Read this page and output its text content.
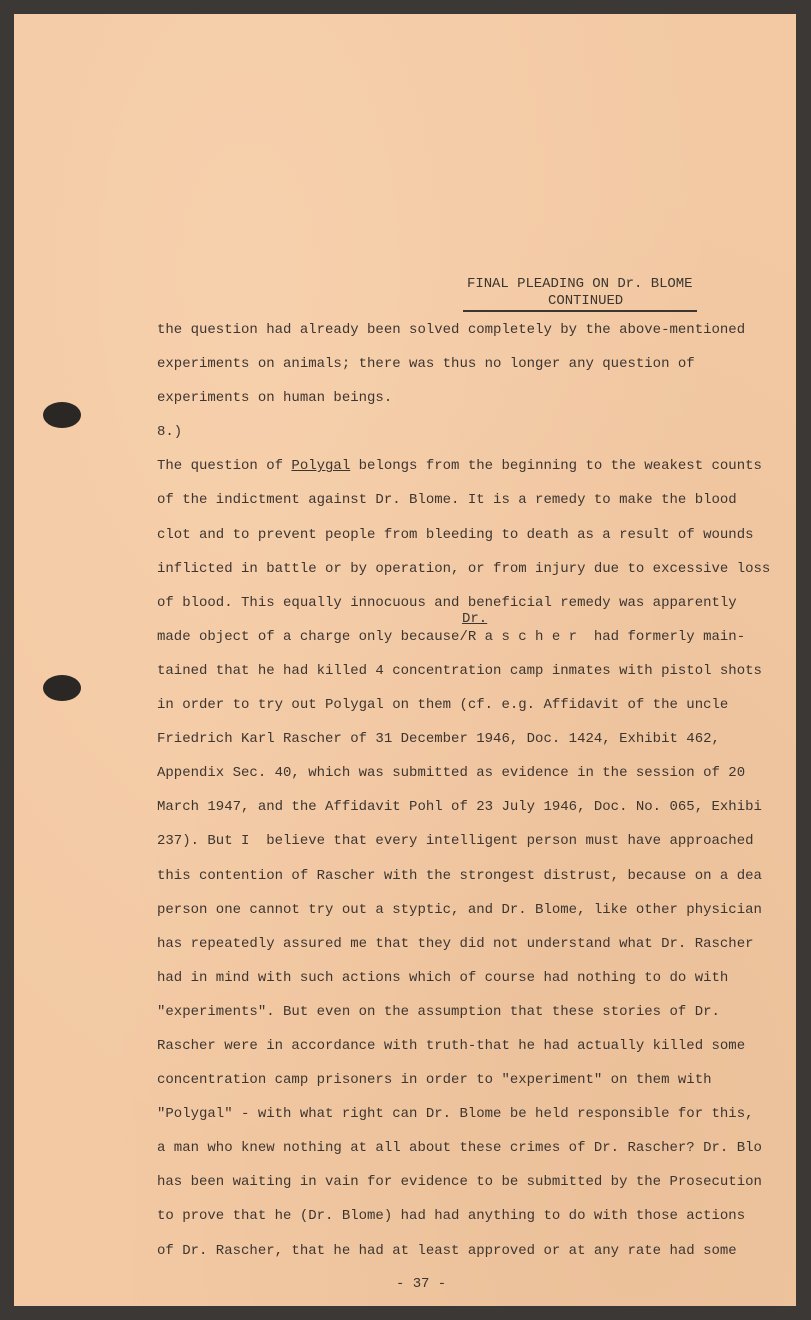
FINAL PLEADING ON Dr. BLOME
CONTINUED
the question had already been solved completely by the above-mentioned
experiments on animals; there was thus no longer any question of
experiments on human beings.
8.)
The question of Polygal belongs from the beginning to the weakest counts
of the indictment against Dr. Blome. It is a remedy to make the blood
clot and to prevent people from bleeding to death as a result of wounds
inflicted in battle or by operation, or from injury due to excessive loss
of blood. This equally innocuous and beneficial remedy was apparently
Dr.
made object of a charge only because/R a s c h e r  had formerly main-
tained that he had killed 4 concentration camp inmates with pistol shots
in order to try out Polygal on them (cf. e.g. Affidavit of the uncle
Friedrich Karl Rascher of 31 December 1946, Doc. 1424, Exhibit 462,
Appendix Sec. 40, which was submitted as evidence in the session of 20
March 1947, and the Affidavit Pohl of 23 July 1946, Doc. No. 065, Exhibi
237). But I  believe that every intelligent person must have approached
this contention of Rascher with the strongest distrust, because on a dea
person one cannot try out a styptic, and Dr. Blome, like other physician
has repeatedly assured me that they did not understand what Dr. Rascher
had in mind with such actions which of course had nothing to do with
"experiments". But even on the assumption that these stories of Dr.
Rascher were in accordance with truth-that he had actually killed some
concentration camp prisoners in order to "experiment" on them with
"Polygal" - with what right can Dr. Blome be held responsible for this,
a man who knew nothing at all about these crimes of Dr. Rascher? Dr. Blo
has been waiting in vain for evidence to be submitted by the Prosecution
to prove that he (Dr. Blome) had had anything to do with those actions
of Dr. Rascher, that he had at least approved or at any rate had some
- 37 -
